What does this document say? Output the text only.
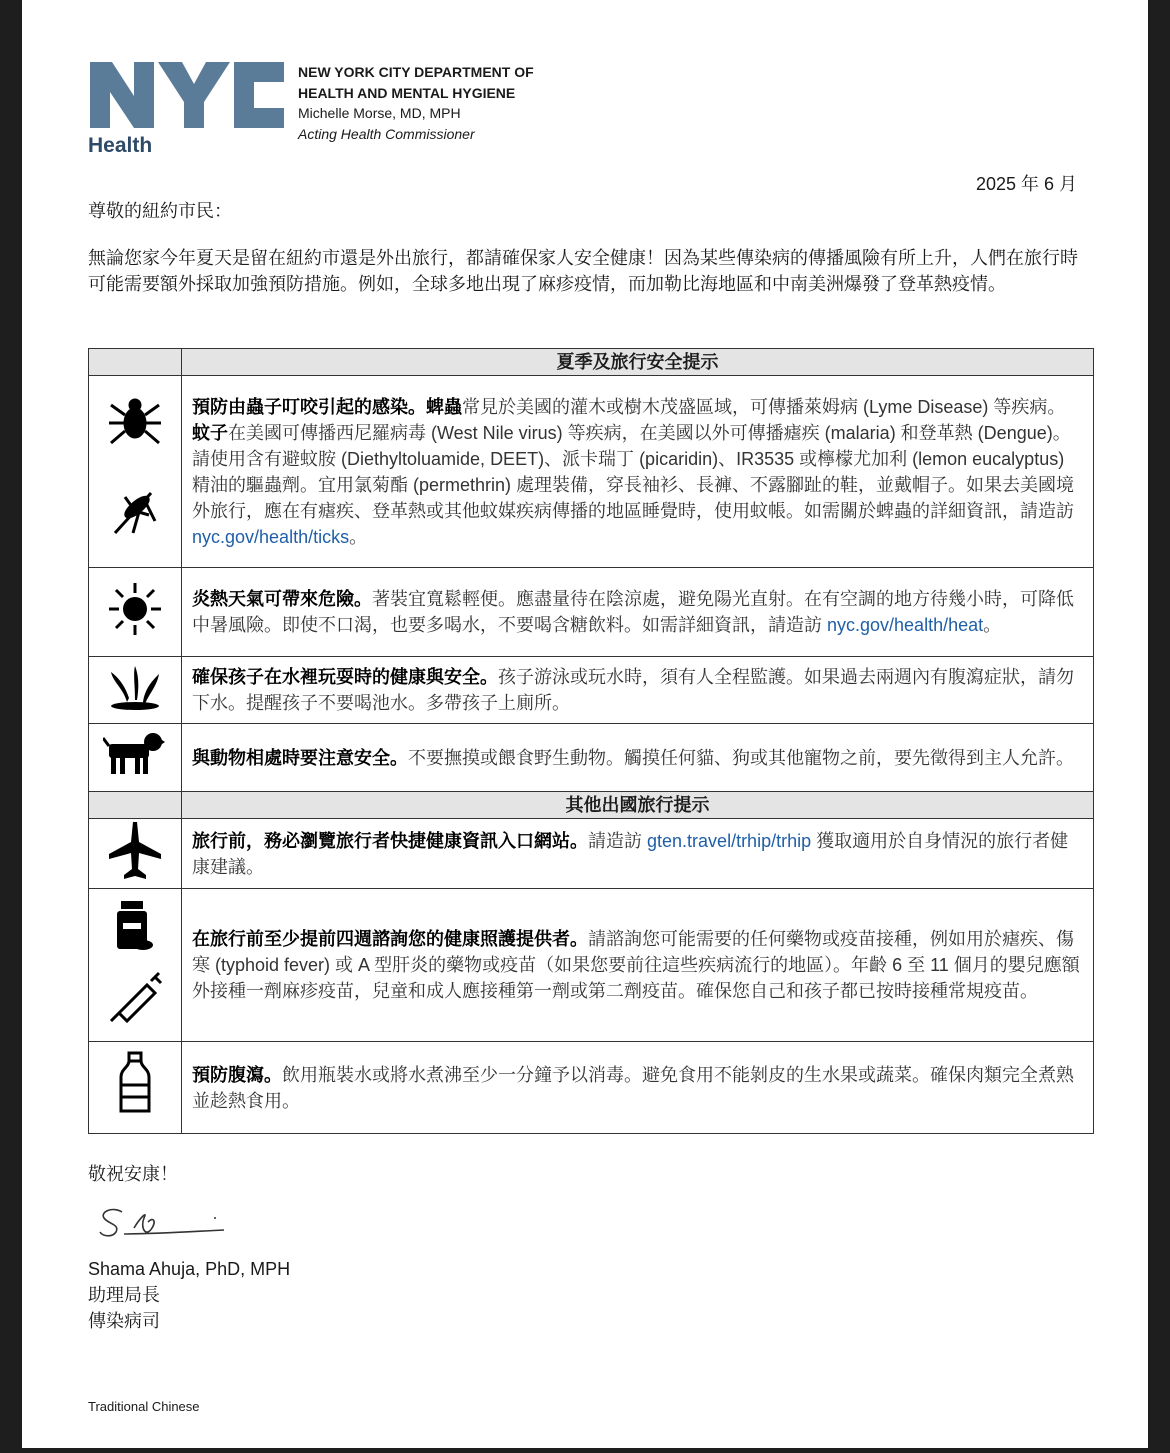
Health
NEW YORK CITY DEPARTMENT OF
HEALTH AND MENTAL HYGIENE
Michelle Morse, MD, MPH
Acting Health Commissioner
2025 年 6 月
尊敬的紐約市民：
無論您家今年夏天是留在紐約市還是外出旅行，都請確保家人安全健康！因為某些傳染病的傳播風險有所上升，人們在旅行時可能需要額外採取加強預防措施。例如，全球多地出現了麻疹疫情，而加勒比海地區和中南美洲爆發了登革熱疫情。
	夏季及旅行安全提示
	預防由蟲子叮咬引起的感染。蜱蟲常見於美國的灌木或樹木茂盛區域，可傳播萊姆病 (Lyme Disease) 等疾病。蚊子在美國可傳播西尼羅病毒 (West Nile virus) 等疾病，在美國以外可傳播瘧疾 (malaria) 和登革熱 (Dengue)。請使用含有避蚊胺 (Diethyltoluamide, DEET)、派卡瑞丁 (picaridin)、IR3535 或檸檬尤加利 (lemon eucalyptus) 精油的驅蟲劑。宜用氯菊酯 (permethrin) 處理裝備，穿長袖衫、長褲、不露腳趾的鞋，並戴帽子。如果去美國境外旅行，應在有瘧疾、登革熱或其他蚊媒疾病傳播的地區睡覺時，使用蚊帳。如需關於蜱蟲的詳細資訊，請造訪 nyc.gov/health/ticks。
	炎熱天氣可帶來危險。著裝宜寬鬆輕便。應盡量待在陰涼處，避免陽光直射。在有空調的地方待幾小時，可降低中暑風險。即使不口渴，也要多喝水，不要喝含糖飲料。如需詳細資訊，請造訪 nyc.gov/health/heat。
	確保孩子在水裡玩耍時的健康與安全。孩子游泳或玩水時，須有人全程監護。如果過去兩週內有腹瀉症狀，請勿下水。提醒孩子不要喝池水。多帶孩子上廁所。
	與動物相處時要注意安全。不要撫摸或餵食野生動物。觸摸任何貓、狗或其他寵物之前，要先徵得到主人允許。
	其他出國旅行提示
	旅行前，務必瀏覽旅行者快捷健康資訊入口網站。請造訪 gten.travel/trhip/trhip 獲取適用於自身情況的旅行者健康建議。
	在旅行前至少提前四週諮詢您的健康照護提供者。請諮詢您可能需要的任何藥物或疫苗接種，例如用於瘧疾、傷寒 (typhoid fever) 或 A 型肝炎的藥物或疫苗（如果您要前往這些疾病流行的地區）。年齡 6 至 11 個月的嬰兒應額外接種一劑麻疹疫苗，兒童和成人應接種第一劑或第二劑疫苗。確保您自己和孩子都已按時接種常規疫苗。
	預防腹瀉。飲用瓶裝水或將水煮沸至少一分鐘予以消毒。避免食用不能剝皮的生水果或蔬菜。確保肉類完全煮熟並趁熱食用。
敬祝安康！
Shama Ahuja, PhD, MPH
助理局長
傳染病司
Traditional Chinese
